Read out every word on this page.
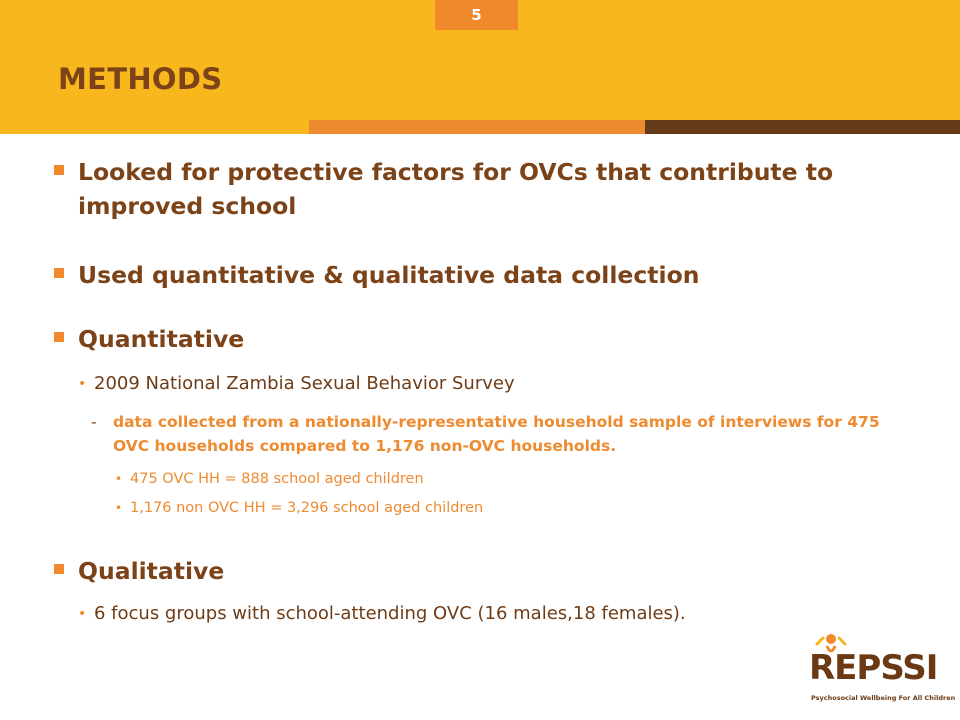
5
METHODS
Looked for protective factors for OVCs that contribute to improved school
Used quantitative & qualitative data collection
Quantitative
• 2009 National Zambia Sexual Behavior Survey
- data collected from a nationally-representative household sample of interviews for 475 OVC households compared to 1,176 non-OVC households.
• 475 OVC HH = 888 school aged children
• 1,176 non OVC HH = 3,296 school aged children
Qualitative
• 6 focus groups with school-attending OVC (16 males,18 females).
REPSSI
Psychosocial Wellbeing For All Children
